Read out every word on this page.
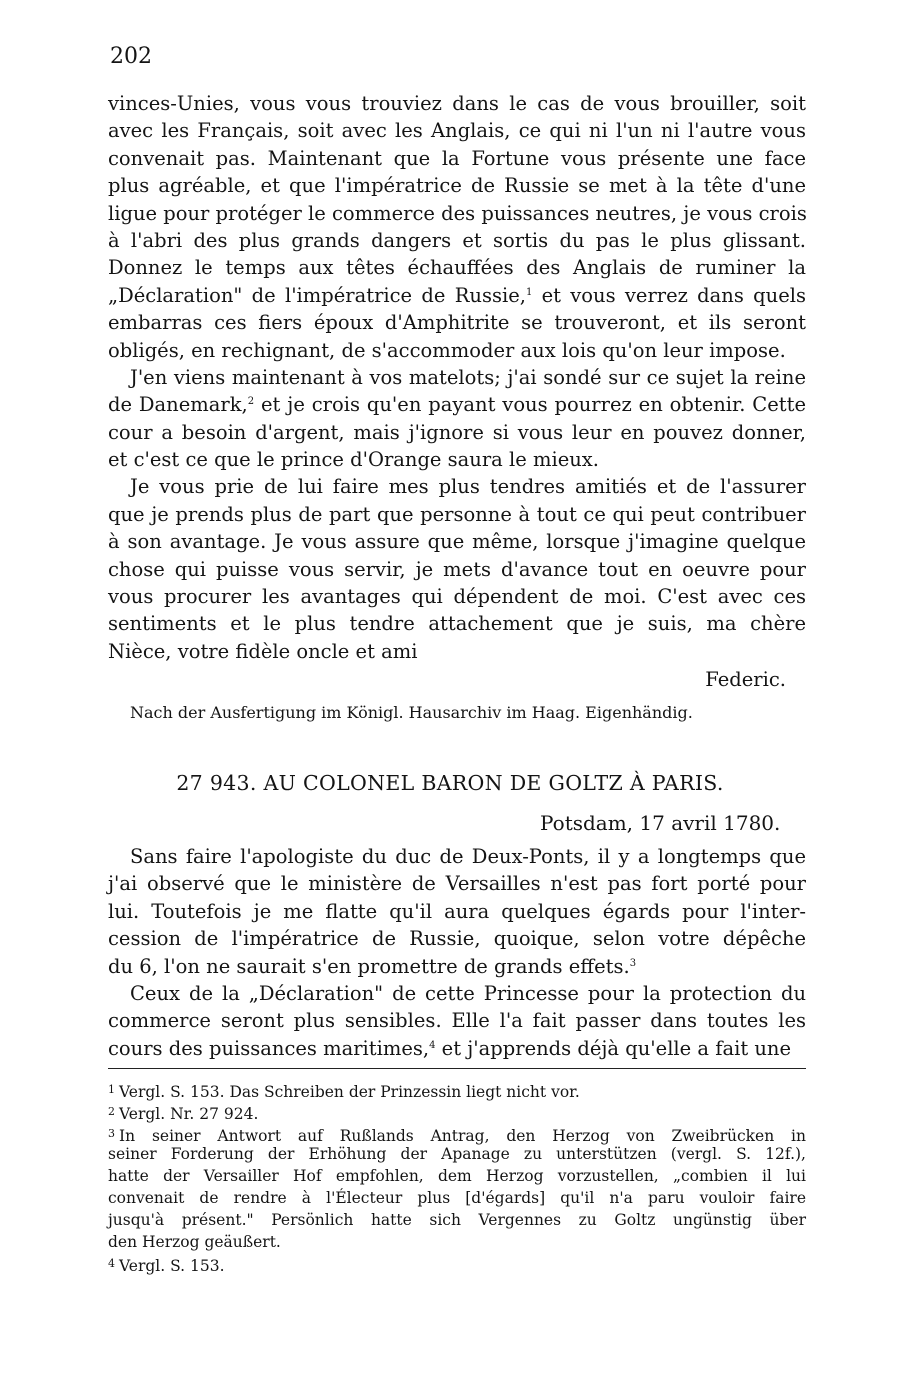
202
vinces-Unies, vous vous trouviez dans le cas de vous brouiller, soit
avec les Français, soit avec les Anglais, ce qui ni l'un ni l'autre vous
convenait pas. Maintenant que la Fortune vous présente une face
plus agréable, et que l'impératrice de Russie se met à la tête d'une
ligue pour protéger le commerce des puissances neutres, je vous crois
à l'abri des plus grands dangers et sortis du pas le plus glissant.
Donnez le temps aux têtes échauffées des Anglais de ruminer la
„Déclaration" de l'impératrice de Russie,$^1$ et vous verrez dans quels
embarras ces fiers époux d'Amphitrite se trouveront, et ils seront
obligés, en rechignant, de s'accommoder aux lois qu'on leur impose.
J'en viens maintenant à vos matelots; j'ai sondé sur ce sujet la reine
de Danemark,$^2$ et je crois qu'en payant vous pourrez en obtenir. Cette
cour a besoin d'argent, mais j'ignore si vous leur en pouvez donner,
et c'est ce que le prince d'Orange saura le mieux.
Je vous prie de lui faire mes plus tendres amitiés et de l'assurer
que je prends plus de part que personne à tout ce qui peut contribuer
à son avantage. Je vous assure que même, lorsque j'imagine quelque
chose qui puisse vous servir, je mets d'avance tout en oeuvre pour
vous procurer les avantages qui dépendent de moi. C'est avec ces
sentiments et le plus tendre attachement que je suis, ma chère
Nièce, votre fidèle oncle et ami
Federic.
Nach der Ausfertigung im Königl. Hausarchiv im Haag. Eigenhändig.
27 943. AU COLONEL BARON DE GOLTZ À PARIS.
Potsdam, 17 avril 1780.
Sans faire l'apologiste du duc de Deux-Ponts, il y a longtemps que
j'ai observé que le ministère de Versailles n'est pas fort porté pour
lui. Toutefois je me flatte qu'il aura quelques égards pour l'inter-
cession de l'impératrice de Russie, quoique, selon votre dépêche
du 6, l'on ne saurait s'en promettre de grands effets.$^3$
Ceux de la „Déclaration" de cette Princesse pour la protection du
commerce seront plus sensibles. Elle l'a fait passer dans toutes les
cours des puissances maritimes,$^4$ et j'apprends déjà qu'elle a fait une
$^1$ Vergl. S. 153. Das Schreiben der Prinzessin liegt nicht vor.
$^2$ Vergl. Nr. 27 924.
$^3$ In seiner Antwort auf Rußlands Antrag, den Herzog von Zweibrücken in
seiner Forderung der Erhöhung der Apanage zu unterstützen (vergl. S. 12f.),
hatte der Versailler Hof empfohlen, dem Herzog vorzustellen, „combien il lui
convenait de rendre à l'Électeur plus [d'égards] qu'il n'a paru vouloir faire
jusqu'à présent." Persönlich hatte sich Vergennes zu Goltz ungünstig über
den Herzog geäußert.
$^4$ Vergl. S. 153.
